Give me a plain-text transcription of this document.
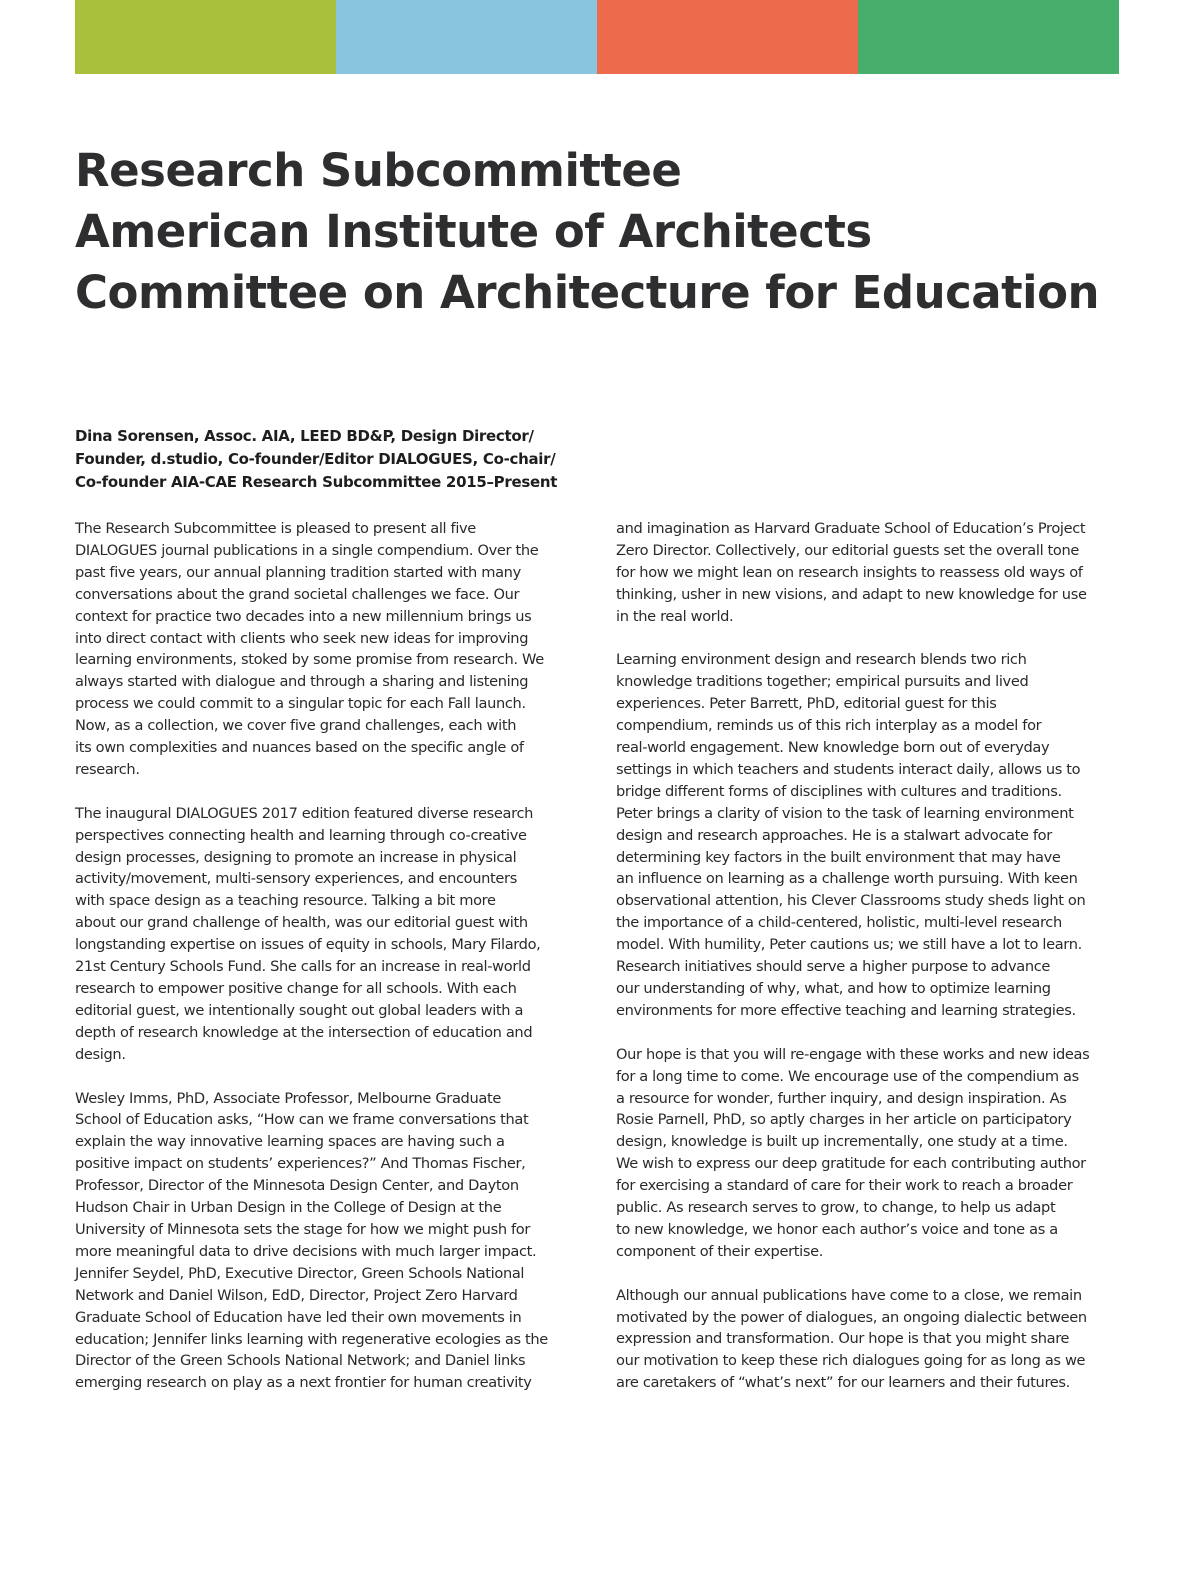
Research Subcommittee
American Institute of Architects
Committee on Architecture for Education

Dina Sorensen, Assoc. AIA, LEED BD&P, Design Director/
Founder, d.studio, Co-founder/Editor DIALOGUES, Co-chair/
Co-founder AIA-CAE Research Subcommittee 2015–Present

The Research Subcommittee is pleased to present all five
DIALOGUES journal publications in a single compendium. Over the
past five years, our annual planning tradition started with many
conversations about the grand societal challenges we face. Our
context for practice two decades into a new millennium brings us
into direct contact with clients who seek new ideas for improving
learning environments, stoked by some promise from research. We
always started with dialogue and through a sharing and listening
process we could commit to a singular topic for each Fall launch.
Now, as a collection, we cover five grand challenges, each with
its own complexities and nuances based on the specific angle of
research.

The inaugural DIALOGUES 2017 edition featured diverse research
perspectives connecting health and learning through co-creative
design processes, designing to promote an increase in physical
activity/movement, multi-sensory experiences, and encounters
with space design as a teaching resource. Talking a bit more
about our grand challenge of health, was our editorial guest with
longstanding expertise on issues of equity in schools, Mary Filardo,
21st Century Schools Fund. She calls for an increase in real-world
research to empower positive change for all schools. With each
editorial guest, we intentionally sought out global leaders with a
depth of research knowledge at the intersection of education and
design.

Wesley Imms, PhD, Associate Professor, Melbourne Graduate
School of Education asks, “How can we frame conversations that
explain the way innovative learning spaces are having such a
positive impact on students’ experiences?” And Thomas Fischer,
Professor, Director of the Minnesota Design Center, and Dayton
Hudson Chair in Urban Design in the College of Design at the
University of Minnesota sets the stage for how we might push for
more meaningful data to drive decisions with much larger impact.
Jennifer Seydel, PhD, Executive Director, Green Schools National
Network and Daniel Wilson, EdD, Director, Project Zero Harvard
Graduate School of Education have led their own movements in
education; Jennifer links learning with regenerative ecologies as the
Director of the Green Schools National Network; and Daniel links
emerging research on play as a next frontier for human creativity

and imagination as Harvard Graduate School of Education’s Project
Zero Director. Collectively, our editorial guests set the overall tone
for how we might lean on research insights to reassess old ways of
thinking, usher in new visions, and adapt to new knowledge for use
in the real world.

Learning environment design and research blends two rich
knowledge traditions together; empirical pursuits and lived
experiences. Peter Barrett, PhD, editorial guest for this
compendium, reminds us of this rich interplay as a model for
real-world engagement. New knowledge born out of everyday
settings in which teachers and students interact daily, allows us to
bridge different forms of disciplines with cultures and traditions.
Peter brings a clarity of vision to the task of learning environment
design and research approaches. He is a stalwart advocate for
determining key factors in the built environment that may have
an influence on learning as a challenge worth pursuing. With keen
observational attention, his Clever Classrooms study sheds light on
the importance of a child-centered, holistic, multi-level research
model. With humility, Peter cautions us; we still have a lot to learn.
Research initiatives should serve a higher purpose to advance
our understanding of why, what, and how to optimize learning
environments for more effective teaching and learning strategies.

Our hope is that you will re-engage with these works and new ideas
for a long time to come. We encourage use of the compendium as
a resource for wonder, further inquiry, and design inspiration. As
Rosie Parnell, PhD, so aptly charges in her article on participatory
design, knowledge is built up incrementally, one study at a time.
We wish to express our deep gratitude for each contributing author
for exercising a standard of care for their work to reach a broader
public. As research serves to grow, to change, to help us adapt
to new knowledge, we honor each author’s voice and tone as a
component of their expertise.

Although our annual publications have come to a close, we remain
motivated by the power of dialogues, an ongoing dialectic between
expression and transformation. Our hope is that you might share
our motivation to keep these rich dialogues going for as long as we
are caretakers of “what’s next” for our learners and their futures.
